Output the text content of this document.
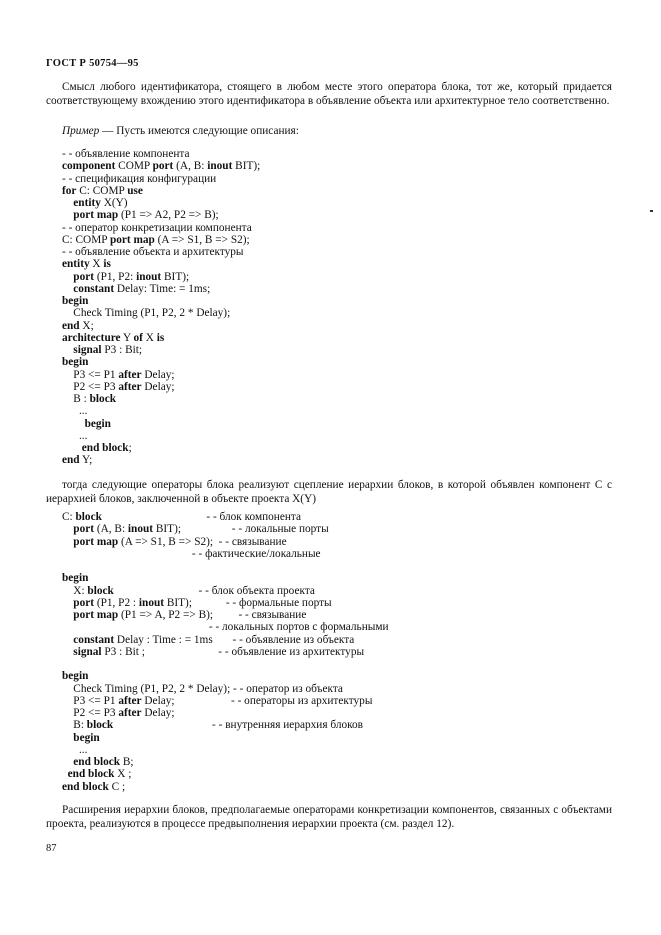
ГОСТ Р 50754—95

Смысл любого идентификатора, стоящего в любом месте этого оператора блока, тот же, который придается соответствующему вхождению этого идентификатора в объявление объекта или архитектурное тело соответственно.

Пример — Пусть имеются следующие описания:
- - объявление компонента
component COMP port (A, B: inout BIT);
- - спецификация конфигурации
for C: COMP use
entity X(Y)
port map (P1 => A2, P2 => B);
- - оператор конкретизации компонента
C: COMP port map (A => S1, B => S2);
- - объявление объекта и архитектуры
entity X is
port (P1, P2: inout BIT);
constant Delay: Time: = 1ms;
begin
Check Timing (P1, P2, 2 * Delay);
end X;
architecture Y of X is
signal P3 : Bit;
begin
P3 <= P1 after Delay;
P2 <= P3 after Delay;
B : block
...
begin
...
end block;
end Y;

тогда следующие операторы блока реализуют сцепление иерархии блоков, в которой объявлен компонент С с иерархией блоков, заключенной в объекте проекта X(Y)

C: block                                     - - блок компонента
port (A, B: inout BIT);                  - - локальные порты
port map (A => S1, B => S2);  - - связывание
- - фактические/локальные

begin
X: block                              - - блок объекта проекта
port (P1, P2 : inout BIT);            - - формальные порты
port map (P1 => A, P2 => B);         - - связывание
- - локальных портов с формальными
constant Delay : Time : = 1ms       - - объявление из объекта
signal P3 : Bit ;                          - - объявление из архитектуры

begin
Check Timing (P1, P2, 2 * Delay); - - оператор из объекта
P3 <= P1 after Delay;                    - - операторы из архитектуры
P2 <= P3 after Delay;
B: block                                   - - внутренняя иерархия блоков
begin
...
end block B;
end block X ;
end block C ;

Расширения иерархии блоков, предполагаемые операторами конкретизации компонентов, связанных с объектами проекта, реализуются в процессе предвыполнения иерархии проекта (см. раздел 12).

87
